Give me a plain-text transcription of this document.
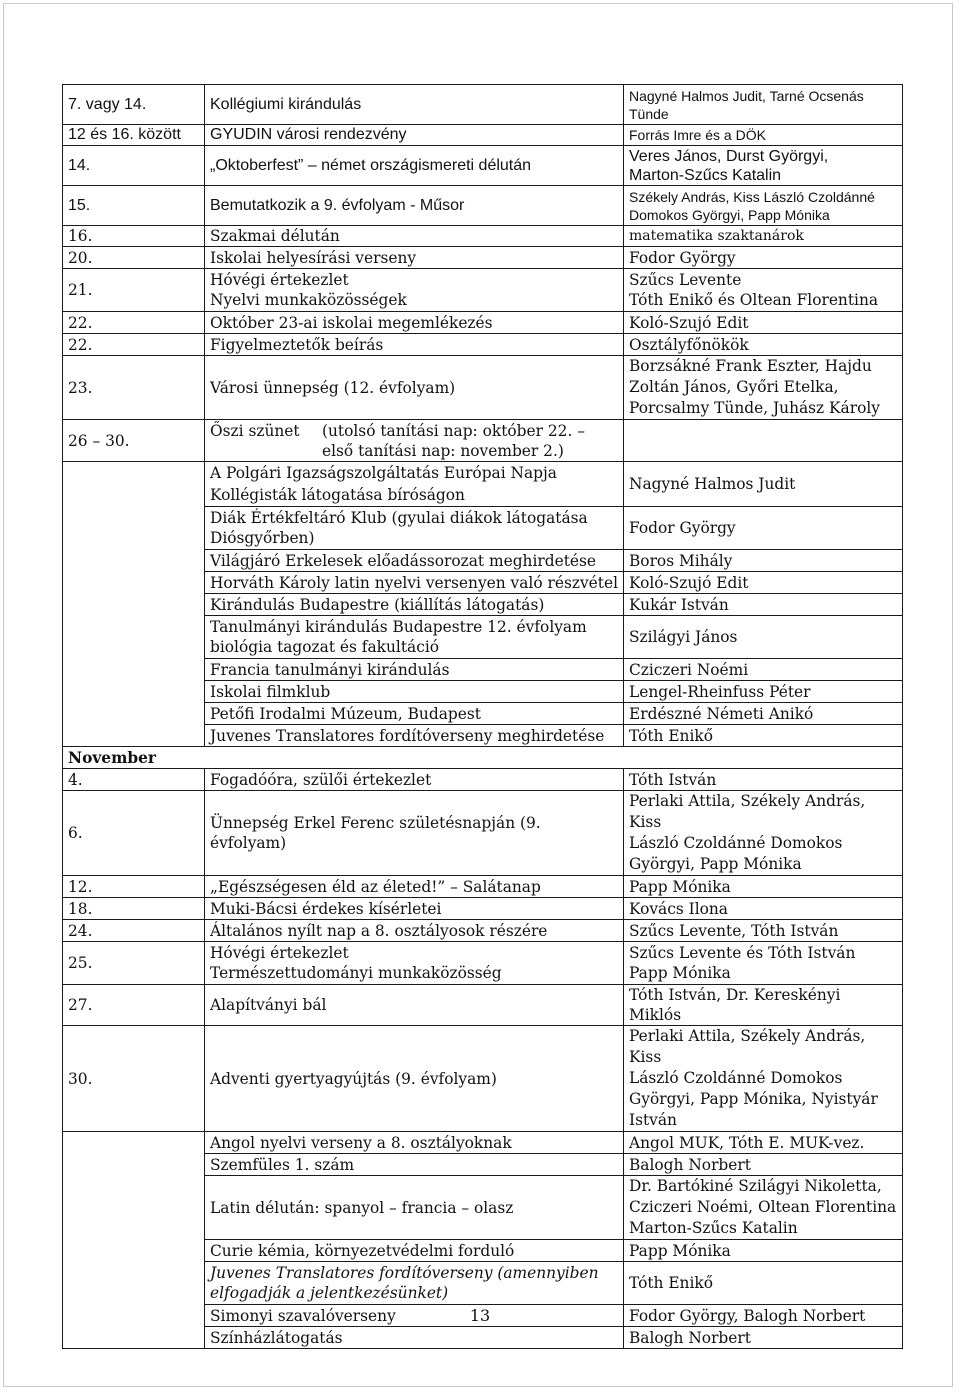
7. vagy 14.	Kollégiumi kirándulás	Nagyné Halmos Judit, Tarné Ocsenás
Tünde

12 és 16. között	GYUDIN városi rendezvény	Forrás Imre és a DÖK
14.	„Oktoberfest” – német országismereti délután	Veres János, Durst Györgyi,
Marton-Szűcs Katalin

15.	Bemutatkozik a 9. évfolyam - Műsor	Székely András, Kiss László Czoldánné
Domokos Györgyi, Papp Mónika

16.	Szakmai délután	matematika szaktanárok
20.	Iskolai helyesírási verseny	Fodor György
21.	Hóvégi értekezlet
Nyelvi munkaközösségek	Szűcs Levente
Tóth Enikő és Oltean Florentina

22.	Október 23-ai iskolai megemlékezés	Koló-Szujó Edit
22.	Figyelmeztetők beírás	Osztályfőnökök
23.	Városi ünnepség (12. évfolyam)	Borzsákné Frank Eszter, Hajdu
Zoltán János, Győri Etelka,
Porcsalmy Tünde, Juhász Károly

26 – 30.	Őszi szünet (utolsó tanítási nap: október 22. –
első tanítási nap: november 2.)	

	A Polgári Igazságszolgáltatás Európai Napja
Kollégisták látogatása bíróságon	Nagyné Halmos Judit

	Diák Értékfeltáró Klub (gyulai diákok látogatása
Diósgyőrben)	Fodor György
	Világjáró Erkelesek előadássorozat meghirdetése	Boros Mihály
	Horváth Károly latin nyelvi versenyen való részvétel	Koló-Szujó Edit
	Kirándulás Budapestre (kiállítás látogatás)	Kukár István

	Tanulmányi kirándulás Budapestre 12. évfolyam
biológia tagozat és fakultáció	Szilágyi János
	Francia tanulmányi kirándulás	Cziczeri Noémi
	Iskolai filmklub	Lengel-Rheinfuss Péter
	Petőfi Irodalmi Múzeum, Budapest	Erdészné Németi Anikó
	Juvenes Translatores fordítóverseny meghirdetése	Tóth Enikő
November		
4.	Fogadóóra, szülői értekezlet	Tóth István
6.	Ünnepség Erkel Ferenc születésnapján (9. évfolyam)	Perlaki Attila, Székely András, Kiss
László Czoldánné Domokos
Györgyi, Papp Mónika

12.	„Egészségesen éld az életed!” – Salátanap	Papp Mónika
18.	Muki-Bácsi érdekes kísérletei	Kovács Ilona
24.	Általános nyílt nap a 8. osztályosok részére	Szűcs Levente, Tóth István
25.	Hóvégi értekezlet
Természettudományi munkaközösség	Szűcs Levente és Tóth István
Papp Mónika

27.	Alapítványi bál	Tóth István, Dr. Kereskényi Miklós
30.	Adventi gyertyagyújtás (9. évfolyam)	Perlaki Attila, Székely András, Kiss
László Czoldánné Domokos
Györgyi, Papp Mónika, Nyistyár
István

	Angol nyelvi verseny a 8. osztályoknak	Angol MUK, Tóth E. MUK-vez.
	Szemfüles 1. szám	Balogh Norbert
	Latin délután: spanyol – francia – olasz	Dr. Bartókiné Szilágyi Nikoletta,
Cziczeri Noémi, Oltean Florentina
Marton-Szűcs Katalin

	Curie kémia, környezetvédelmi forduló	Papp Mónika

	Juvenes Translatores fordítóverseny (amennyiben
elfogadják a jelentkezésünket)	Tóth Enikő
	Simonyi szavalóverseny	Fodor György, Balogh Norbert
	Színházlátogatás	Balogh Norbert
13
